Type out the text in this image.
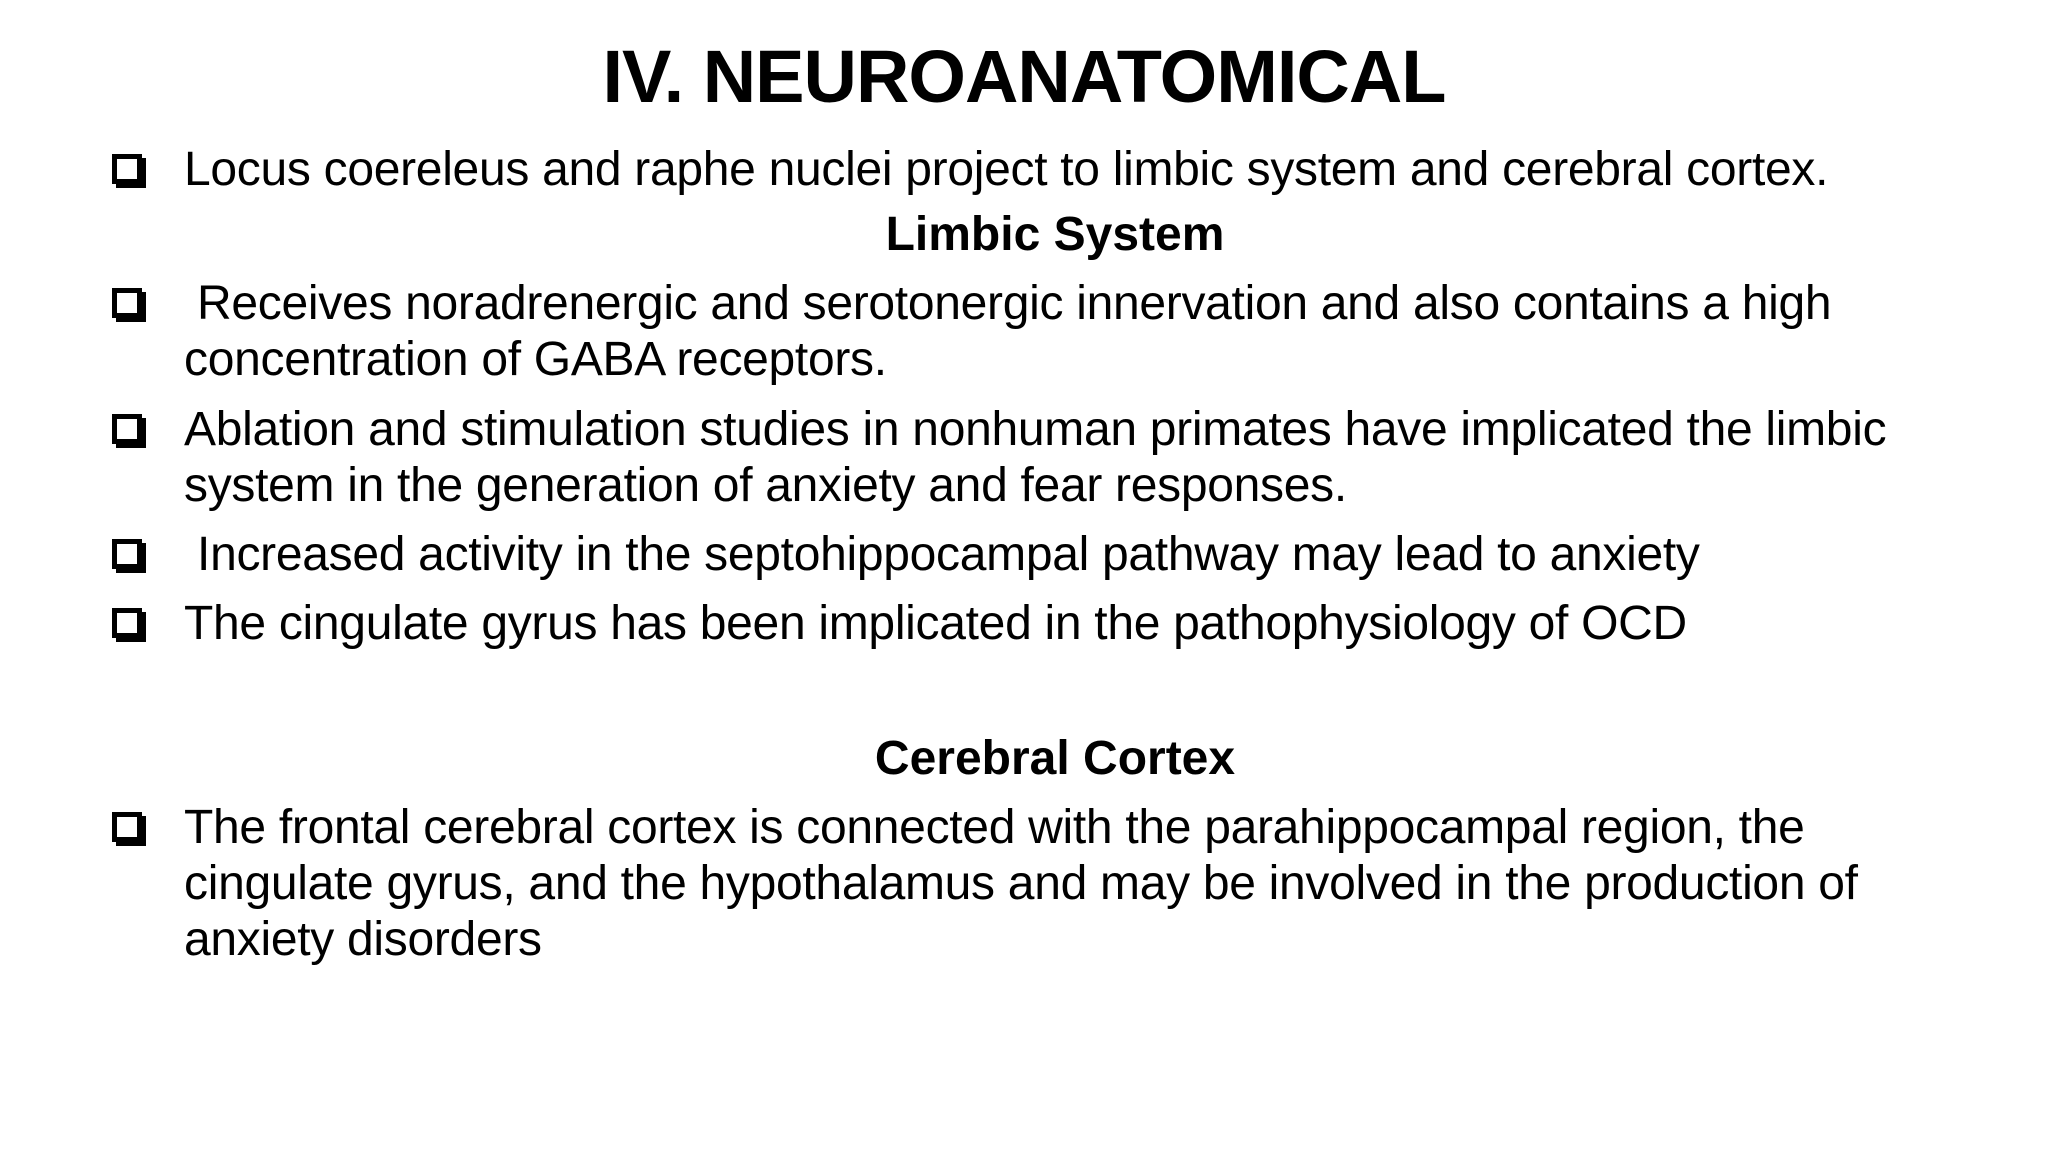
IV. NEUROANATOMICAL
Locus coereleus and raphe nuclei project to limbic system and cerebral cortex.
Limbic System
Receives noradrenergic and serotonergic innervation and also contains a high concentration of GABA receptors.
Ablation and stimulation studies in nonhuman primates have implicated the limbic system in the generation of anxiety and fear responses.
Increased activity in the septohippocampal pathway may lead to anxiety
The cingulate gyrus has been implicated in the pathophysiology of OCD
Cerebral Cortex
The frontal cerebral cortex is connected with the parahippocampal region, the cingulate gyrus, and the hypothalamus and may be involved in the production of anxiety disorders
